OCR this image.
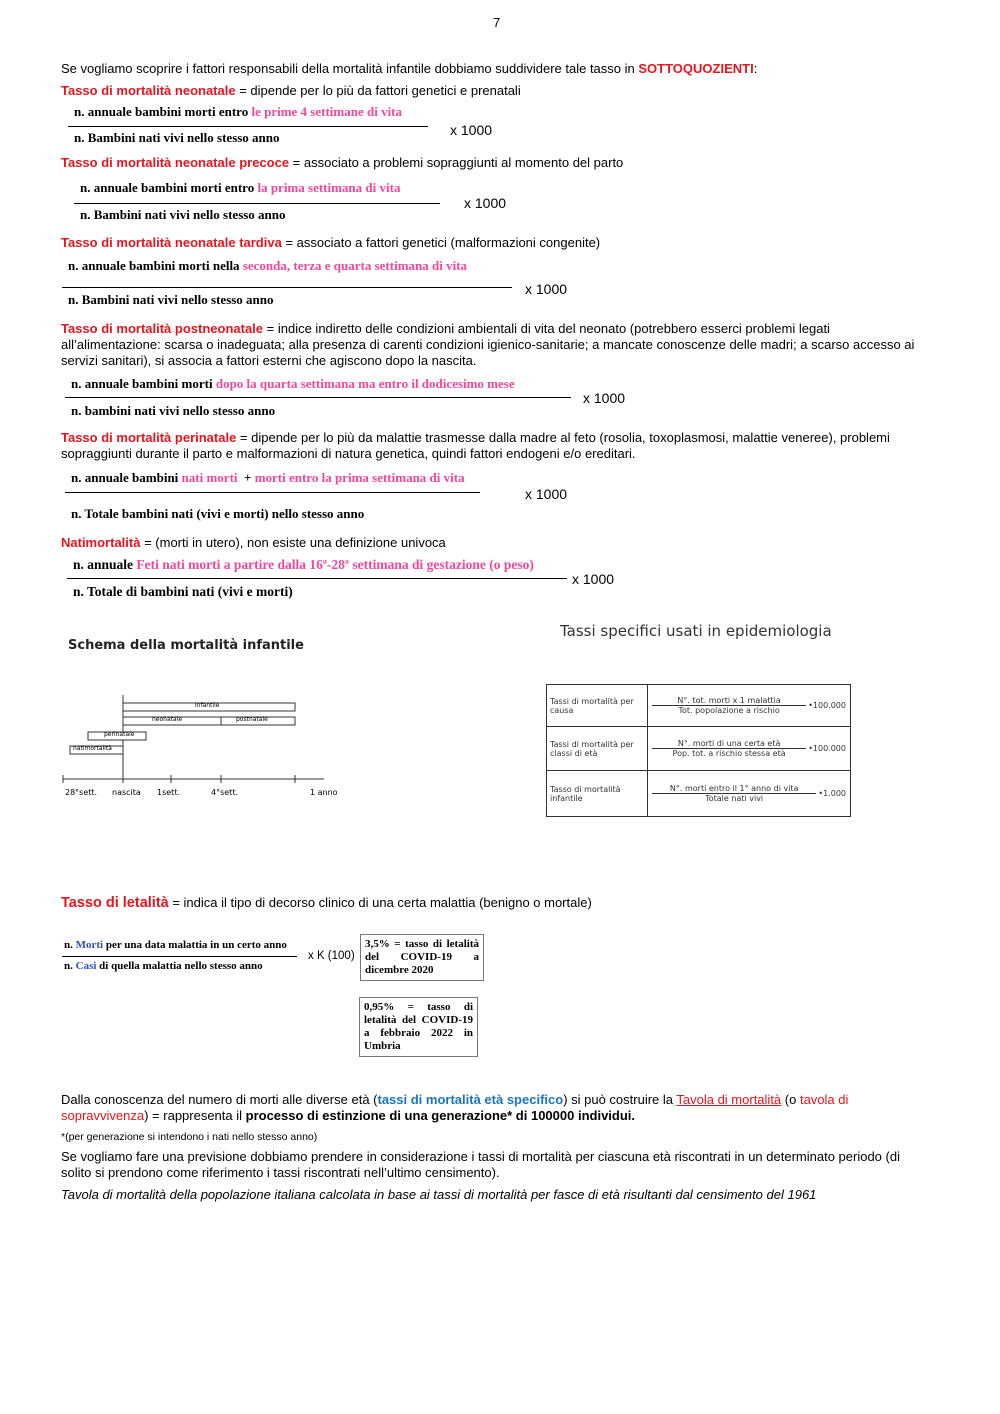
7
Se vogliamo scoprire i fattori responsabili della mortalità infantile dobbiamo suddividere tale tasso in SOTTOQUOZIENTI:
Tasso di mortalità neonatale = dipende per lo più da fattori genetici e prenatali
n. annuale bambini morti entro le prime 4 settimane di vita
n. Bambini nati vivi nello stesso anno	x 1000
Tasso di mortalità neonatale precoce = associato a problemi sopraggiunti al momento del parto
n. annuale bambini morti entro la prima settimana di vita
n. Bambini nati vivi nello stesso anno
x 1000
Tasso di mortalità neonatale tardiva = associato a fattori genetici (malformazioni congenite)
n. annuale bambini morti nella seconda, terza e quarta settimana di vita
n. Bambini nati vivi nello stesso anno
x 1000
Tasso di mortalità postneonatale = indice indiretto delle condizioni ambientali di vita del neonato (potrebbero esserci problemi legati all’alimentazione: scarsa o inadeguata; alla presenza di carenti condizioni igienico-sanitarie; a mancate conoscenze delle madri; a scarso accesso ai servizi sanitari), si associa a fattori esterni che agiscono dopo la nascita.
n. annuale bambini morti dopo la quarta settimana ma entro il dodicesimo mese
n. bambini nati vivi nello stesso anno
x 1000
Tasso di mortalità perinatale = dipende per lo più da malattie trasmesse dalla madre al feto (rosolia, toxoplasmosi, malattie veneree), problemi sopraggiunti durante il parto e malformazioni di natura genetica, quindi fattori endogeni e/o ereditari.
n. annuale bambini nati morti  + morti entro la prima settimana di vita
n. Totale bambini nati (vivi e morti) nello stesso anno
x 1000
Natimortalità = (morti in utero), non esiste una definizione univoca
n. annuale Feti nati morti a partire dalla 16ª-28ª settimana di gestazione (o peso)
n. Totale di bambini nati (vivi e morti)
x 1000
Schema della mortalità infantile
infantile
neonatale	postnatale
perinatale
natimortalità
28°sett. nascita 1sett.	4°sett.	1 anno
Tassi specifici usati in epidemiologia
Tassi di mortalità per causa	N°. tot. morti x 1 malattia
Tot. popolazione a rischio
•100.000

Tassi di mortalità per classi di età	N°. morti di una certa età
Pop. tot. a rischio stessa età
•100.000

Tasso di mortalità infantile	N°. morti entro il 1° anno di vita
Totale nati vivi
•1.000
Tasso di letalità = indica il tipo di decorso clinico di una certa malattia (benigno o mortale)
n. Morti per una data malattia in un certo anno
n. Casi di quella malattia nello stesso anno
x K (100)
3,5% = tasso di letalità del COVID-19 a dicembre 2020
0,95% = tasso di letalità del COVID-19 a febbraio 2022 in Umbria
Dalla conoscenza del numero di morti alle diverse età (tassi di mortalità età specifico) si può costruire la Tavola di mortalità (o tavola di sopravvivenza) = rappresenta il processo di estinzione di una generazione* di 100000 individui.
*(per generazione si intendono i nati nello stesso anno)
Se vogliamo fare una previsione dobbiamo prendere in considerazione i tassi di mortalità per ciascuna età riscontrati in un determinato periodo (di solito si prendono come riferimento i tassi riscontrati nell’ultimo censimento).
Tavola di mortalità della popolazione italiana calcolata in base ai tassi di mortalità per fasce di età risultanti dal censimento del 1961
